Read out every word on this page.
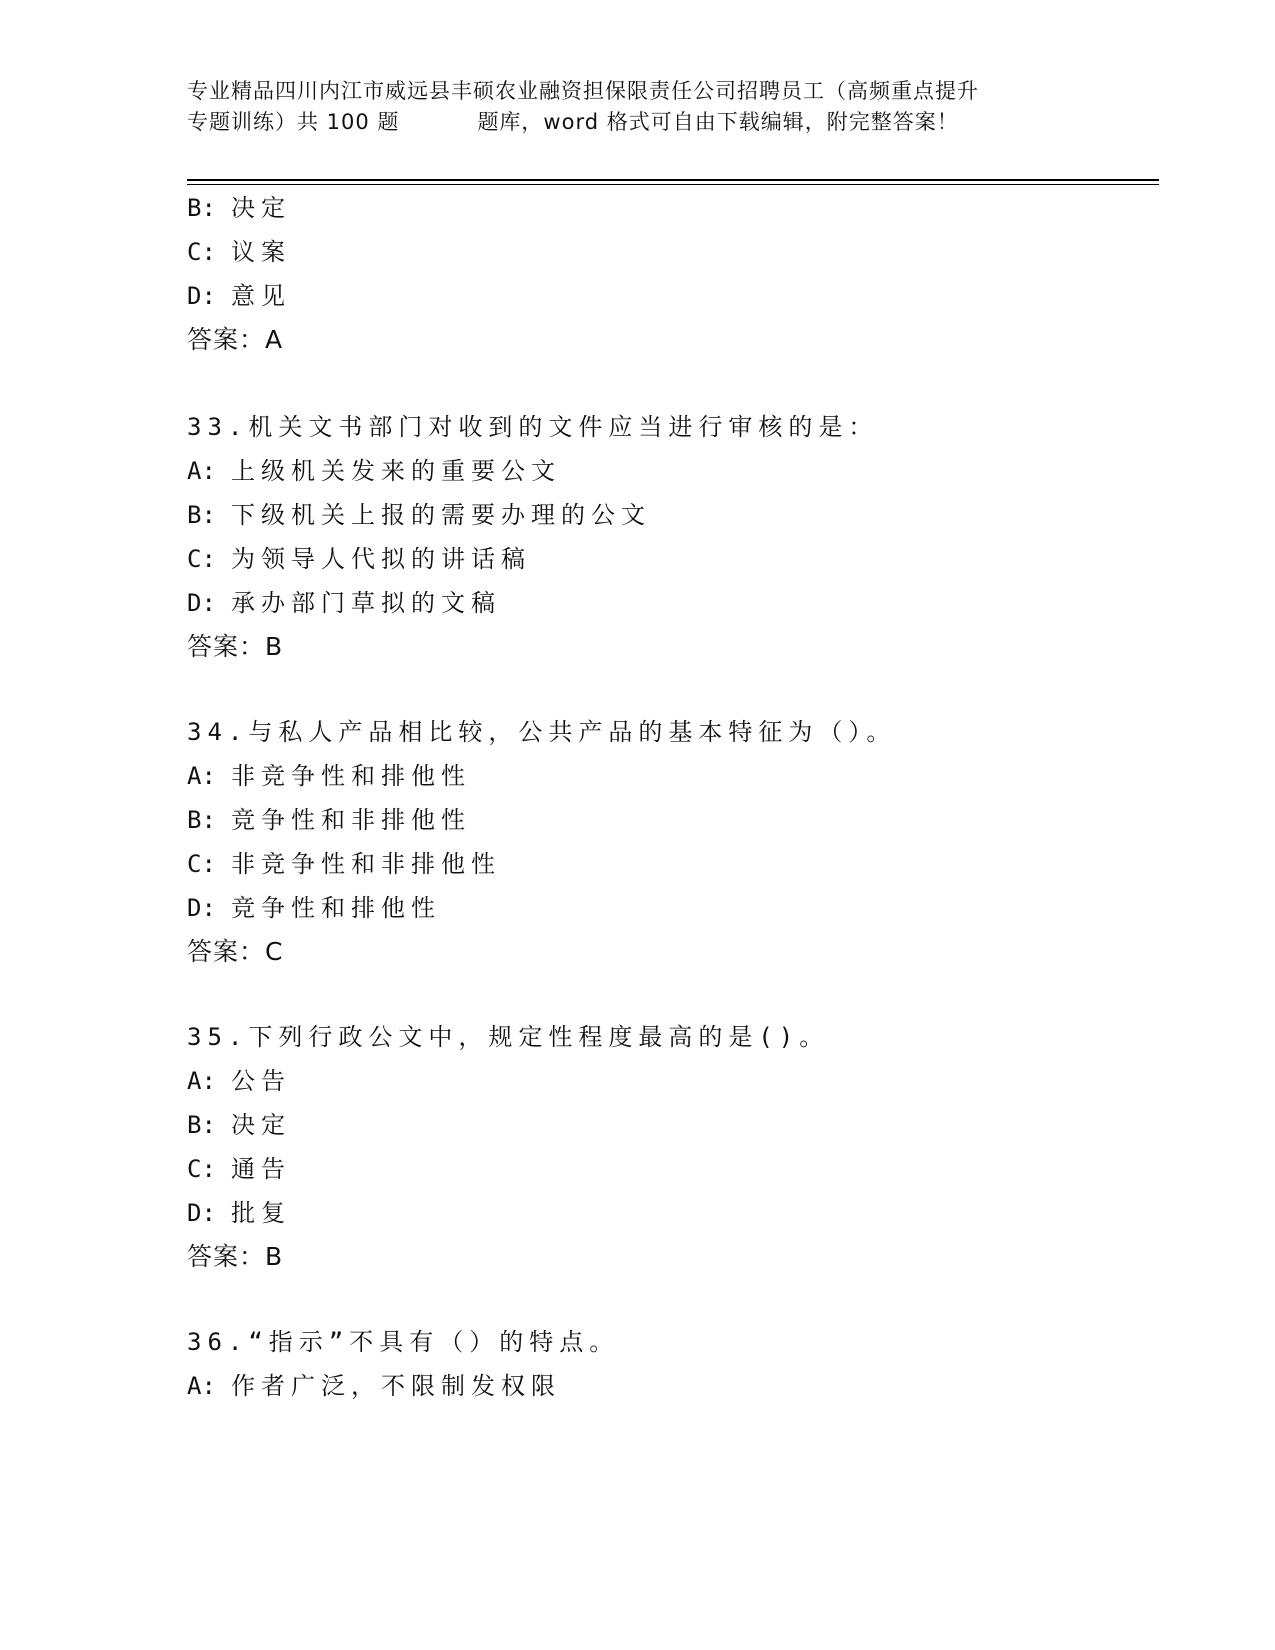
专业精品四川内江市威远县丰硕农业融资担保限责任公司招聘员工（高频重点提升
专题训练）共 100 题	题库，word 格式可自由下载编辑，附完整答案！
B: 决定
C: 议案
D: 意见
答案：A
33.机关文书部门对收到的文件应当进行审核的是：
A: 上级机关发来的重要公文
B: 下级机关上报的需要办理的公文
C: 为领导人代拟的讲话稿
D: 承办部门草拟的文稿
答案：B
34.与私人产品相比较，公共产品的基本特征为（）。
A: 非竞争性和排他性
B: 竞争性和非排他性
C: 非竞争性和非排他性
D: 竞争性和排他性
答案：C
35.下列行政公文中，规定性程度最高的是()。
A: 公告
B: 决定
C: 通告
D: 批复
答案：B
36.“指示”不具有（）的特点。
A: 作者广泛，不限制发权限
